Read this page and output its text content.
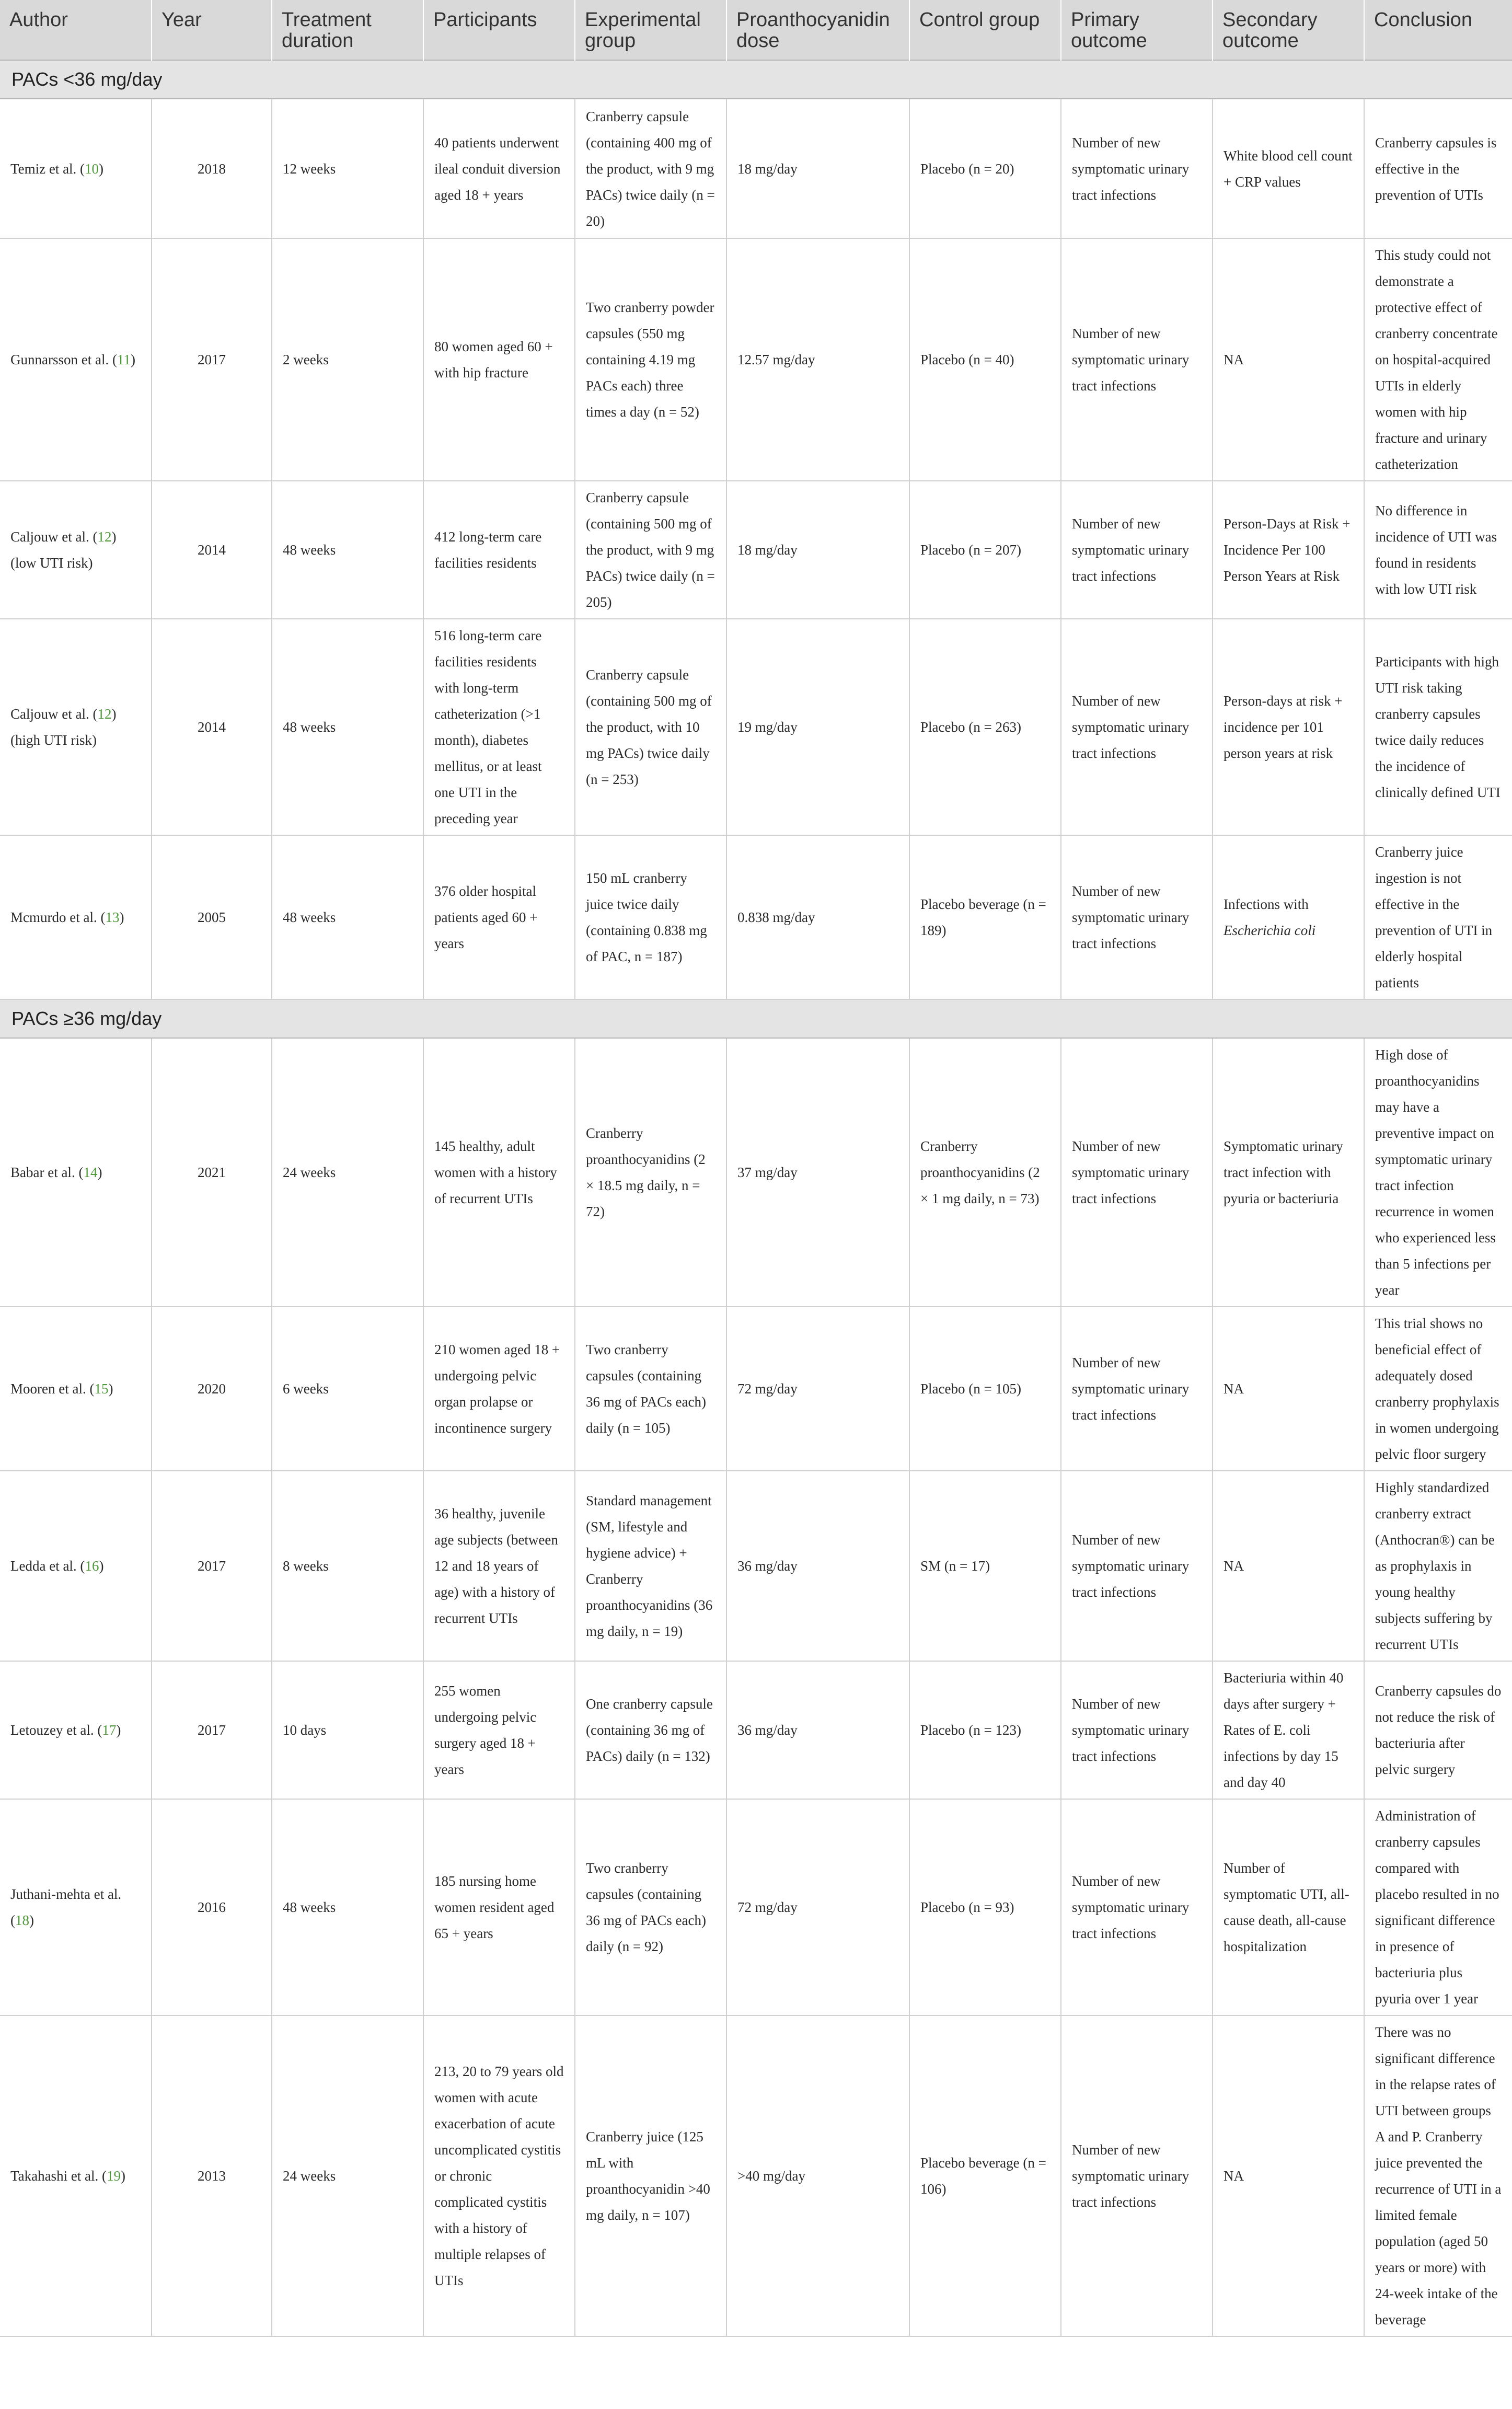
Author	Year	Treatment duration	Participants	Experimental group	Proanthocyanidin dose	Control group	Primary outcome	Secondary outcome	Conclusion
PACs <36 mg/day									
Temiz et al. (10)	2018	12 weeks	40 patients underwent ileal conduit diversion aged 18 + years	Cranberry capsule (containing 400 mg of the product, with 9 mg PACs) twice daily (n = 20)	18 mg/day	Placebo (n = 20)	Number of new symptomatic urinary tract infections	White blood cell count + CRP values	Cranberry capsules is effective in the prevention of UTIs
Gunnarsson et al. (11)	2017	2 weeks	80 women aged 60 + with hip fracture	Two cranberry powder capsules (550 mg containing 4.19 mg PACs each) three times a day (n = 52)	12.57 mg/day	Placebo (n = 40)	Number of new symptomatic urinary tract infections	NA	This study could not demonstrate a protective effect of cranberry concentrate on hospital-acquired UTIs in elderly women with hip fracture and urinary catheterization
Caljouw et al. (12) (low UTI risk)	2014	48 weeks	412 long-term care facilities residents	Cranberry capsule (containing 500 mg of the product, with 9 mg PACs) twice daily (n = 205)	18 mg/day	Placebo (n = 207)	Number of new symptomatic urinary tract infections	Person-Days at Risk + Incidence Per 100 Person Years at Risk	No difference in incidence of UTI was found in residents with low UTI risk
Caljouw et al. (12) (high UTI risk)	2014	48 weeks	516 long-term care facilities residents with long-term catheterization (>1 month), diabetes mellitus, or at least one UTI in the preceding year	Cranberry capsule (containing 500 mg of the product, with 10 mg PACs) twice daily (n = 253)	19 mg/day	Placebo (n = 263)	Number of new symptomatic urinary tract infections	Person-days at risk + incidence per 101 person years at risk	Participants with high UTI risk taking cranberry capsules twice daily reduces the incidence of clinically defined UTI
Mcmurdo et al. (13)	2005	48 weeks	376 older hospital patients aged 60 + years	150 mL cranberry juice twice daily (containing 0.838 mg of PAC, n = 187)	0.838 mg/day	Placebo beverage (n = 189)	Number of new symptomatic urinary tract infections	Infections with Escherichia coli	Cranberry juice ingestion is not effective in the prevention of UTI in elderly hospital patients
PACs ≥36 mg/day									
Babar et al. (14)	2021	24 weeks	145 healthy, adult women with a history of recurrent UTIs	Cranberry proanthocyanidins (2 × 18.5 mg daily, n = 72)	37 mg/day	Cranberry proanthocyanidins (2 × 1 mg daily, n = 73)	Number of new symptomatic urinary tract infections	Symptomatic urinary tract infection with pyuria or bacteriuria	High dose of proanthocyanidins may have a preventive impact on symptomatic urinary tract infection recurrence in women who experienced less than 5 infections per year
Mooren et al. (15)	2020	6 weeks	210 women aged 18 + undergoing pelvic organ prolapse or incontinence surgery	Two cranberry capsules (containing 36 mg of PACs each) daily (n = 105)	72 mg/day	Placebo (n = 105)	Number of new symptomatic urinary tract infections	NA	This trial shows no beneficial effect of adequately dosed cranberry prophylaxis in women undergoing pelvic floor surgery
Ledda et al. (16)	2017	8 weeks	36 healthy, juvenile age subjects (between 12 and 18 years of age) with a history of recurrent UTIs	Standard management (SM, lifestyle and hygiene advice) + Cranberry proanthocyanidins (36 mg daily, n = 19)	36 mg/day	SM (n = 17)	Number of new symptomatic urinary tract infections	NA	Highly standardized cranberry extract (Anthocran®) can be as prophylaxis in young healthy subjects suffering by recurrent UTIs
Letouzey et al. (17)	2017	10 days	255 women undergoing pelvic surgery aged 18 + years	One cranberry capsule (containing 36 mg of PACs) daily (n = 132)	36 mg/day	Placebo (n = 123)	Number of new symptomatic urinary tract infections	Bacteriuria within 40 days after surgery + Rates of E. coli infections by day 15 and day 40	Cranberry capsules do not reduce the risk of bacteriuria after pelvic surgery
Juthani-mehta et al. (18)	2016	48 weeks	185 nursing home women resident aged 65 + years	Two cranberry capsules (containing 36 mg of PACs each) daily (n = 92)	72 mg/day	Placebo (n = 93)	Number of new symptomatic urinary tract infections	Number of symptomatic UTI, all-cause death, all-cause hospitalization	Administration of cranberry capsules compared with placebo resulted in no significant difference in presence of bacteriuria plus pyuria over 1 year
Takahashi et al. (19)	2013	24 weeks	213, 20 to 79 years old women with acute exacerbation of acute uncomplicated cystitis or chronic complicated cystitis with a history of multiple relapses of UTIs	Cranberry juice (125 mL with proanthocyanidin >40 mg daily, n = 107)	>40 mg/day	Placebo beverage (n = 106)	Number of new symptomatic urinary tract infections	NA	There was no significant difference in the relapse rates of UTI between groups A and P. Cranberry juice prevented the recurrence of UTI in a limited female population (aged 50 years or more) with 24-week intake of the beverage
